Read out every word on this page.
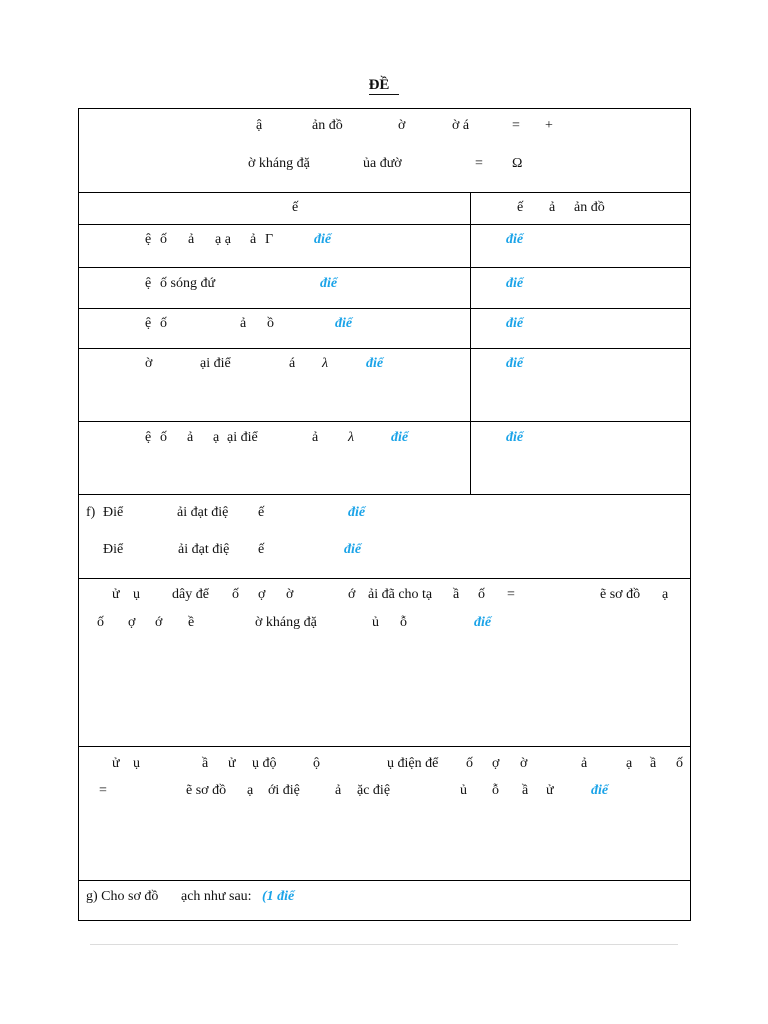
ĐỀ
ậ	ản đồ	ờ	ờ á	= +
ờ kháng đặ	ủa đườ	= Ω
ế	ế ả ản đồ
ệ ố ả ạ ạ ả Γ	điể	điể
ệ ố sóng đứ	điể	điể
ệ ố	ả ồ	điể	điể
ờ	ại điể	á λ	điể	điể
ệ ố ả ạ ại điể	ả λ	điể	điể
f) Điể	ải đạt điệ ế	điể
Điể	ải đạt điệ ế	điể
ử ụ dây để ố ợ ờ	ớ ải đã cho tạ ầ ố =	ẽ sơ đồ ạ
ố ợ ớ ề	ờ kháng đặ	ủ ỗ	điể
ử ụ	ầ ử ụ độ	ộ	ụ điện để ố ợ ờ	ả	ạ ầ ố
=	ẽ sơ đồ ạ ới điệ	ả ặc điệ	ủ ỗ ầ ử	điể
g) Cho sơ đồ ạch như sau: (1 điể
